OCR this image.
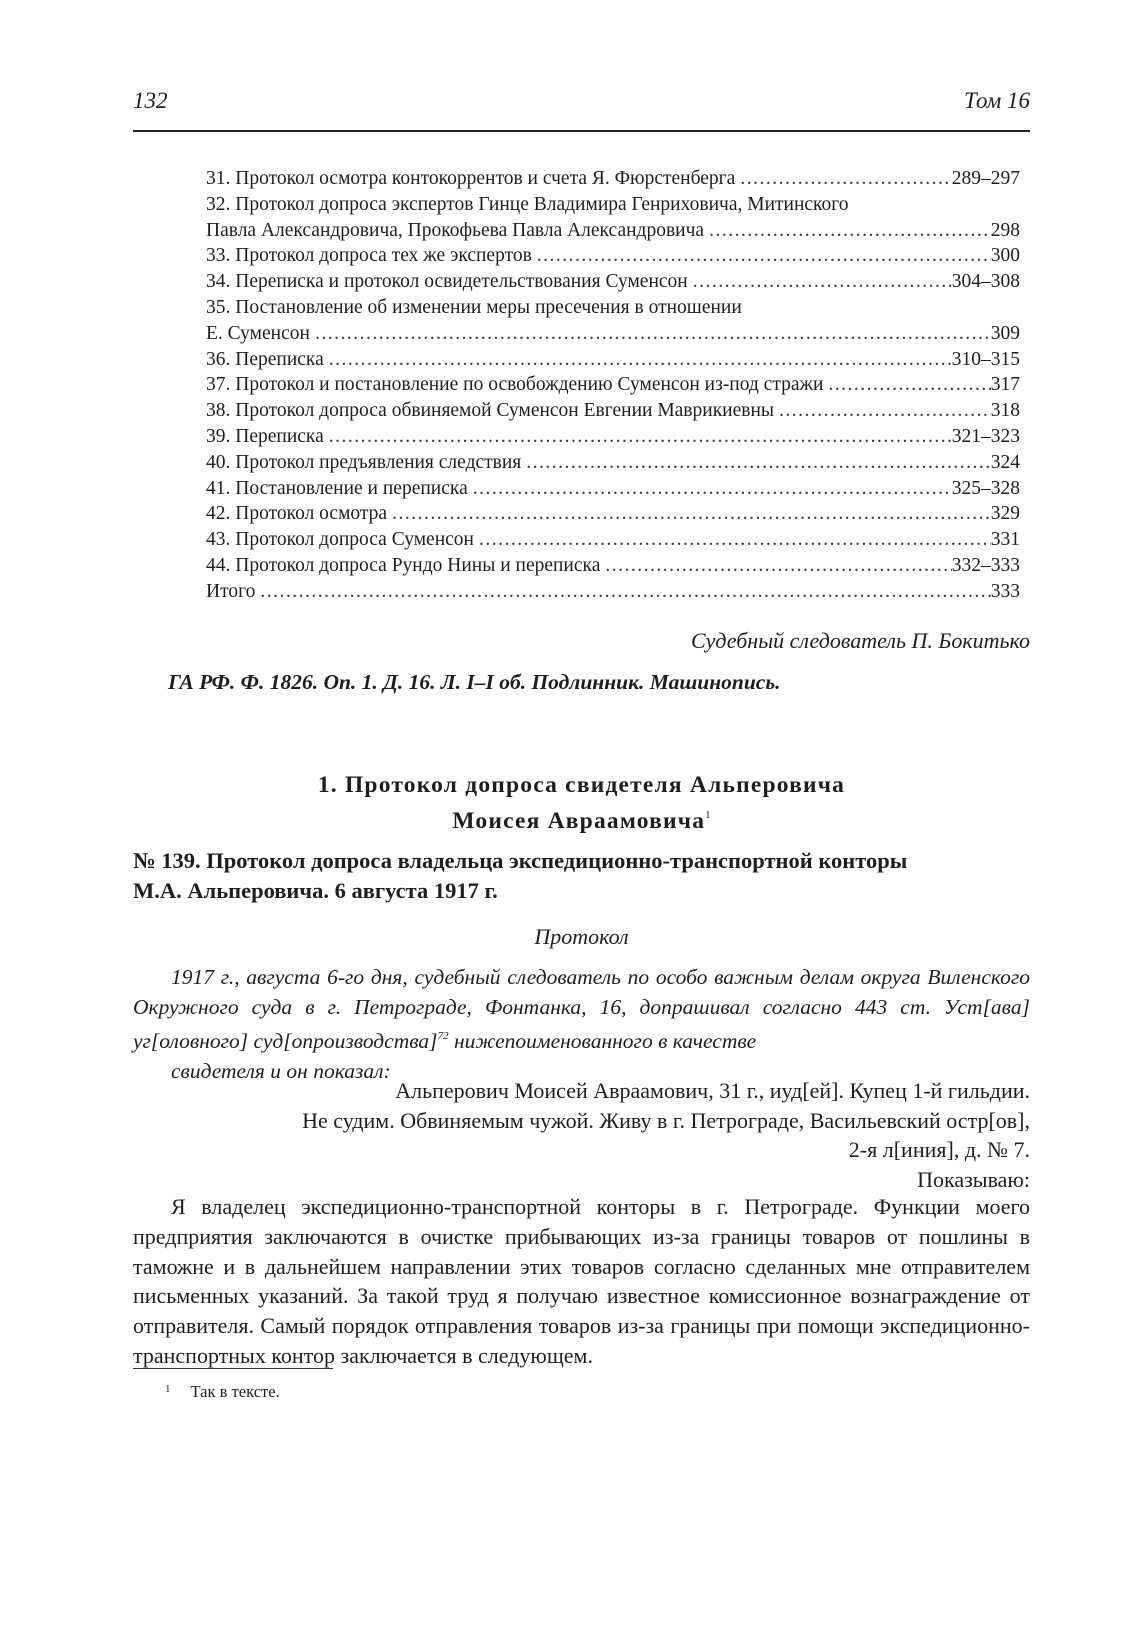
132	Том 16
31. Протокол осмотра контокоррентов и счета Я. Фюрстенберга .....	289–297
32. Протокол допроса экспертов Гинце Владимира Генриховича, Митинского
Павла Александровича, Прокофьева Павла Александровича .....	298
33. Протокол допроса тех же экспертов .....	300
34. Переписка и протокол освидетельствования Суменсон .....	304–308
35. Постановление об изменении меры пресечения в отношении
Е. Суменсон .....	309
36. Переписка .....	310–315
37. Протокол и постановление по освобождению Суменсон из-под стражи .....	317
38. Протокол допроса обвиняемой Суменсон Евгении Маврикиевны .....	318
39. Переписка .....	321–323
40. Протокол предъявления следствия .....	324
41. Постановление и переписка .....	325–328
42. Протокол осмотра .....	329
43. Протокол допроса Суменсон .....	331
44. Протокол допроса Рундо Нины и переписка .....	332–333
Итого .....	333
Судебный следователь П. Бокитько
ГА РФ. Ф. 1826. Оп. 1. Д. 16. Л. I–I об. Подлинник. Машинопись.
1. Протокол допроса свидетеля Альперовича
Моисея Авраамовича$^1$
№ 139. Протокол допроса владельца экспедиционно-транспортной конторы
М.А. Альперовича. 6 августа 1917 г.
Протокол
1917 г., августа 6-го дня, судебный следователь по особо важным делам округа Виленского Окружного суда в г. Петрограде, Фонтанка, 16, допрашивал согласно 443 ст. Уст[ава] уг[оловного] суд[опроизводства]$^{72}$ нижепоименованного в качестве
свидетеля и он показал:
Альперович Моисей Авраамович, 31 г., иуд[ей]. Купец 1-й гильдии.
Не судим. Обвиняемым чужой. Живу в г. Петрограде, Васильевский остр[ов],
2-я л[иния], д. № 7.
Показываю:
Я владелец экспедиционно-транспортной конторы в г. Петрограде. Функции моего предприятия заключаются в очистке прибывающих из-за границы товаров от пошлины в таможне и в дальнейшем направлении этих товаров согласно сделанных мне отправителем письменных указаний. За такой труд я получаю известное комиссионное вознаграждение от отправителя. Самый порядок отправления товаров из-за границы при помощи экспедиционно-транспортных контор заключается в следующем.
$^1$ Так в тексте.
